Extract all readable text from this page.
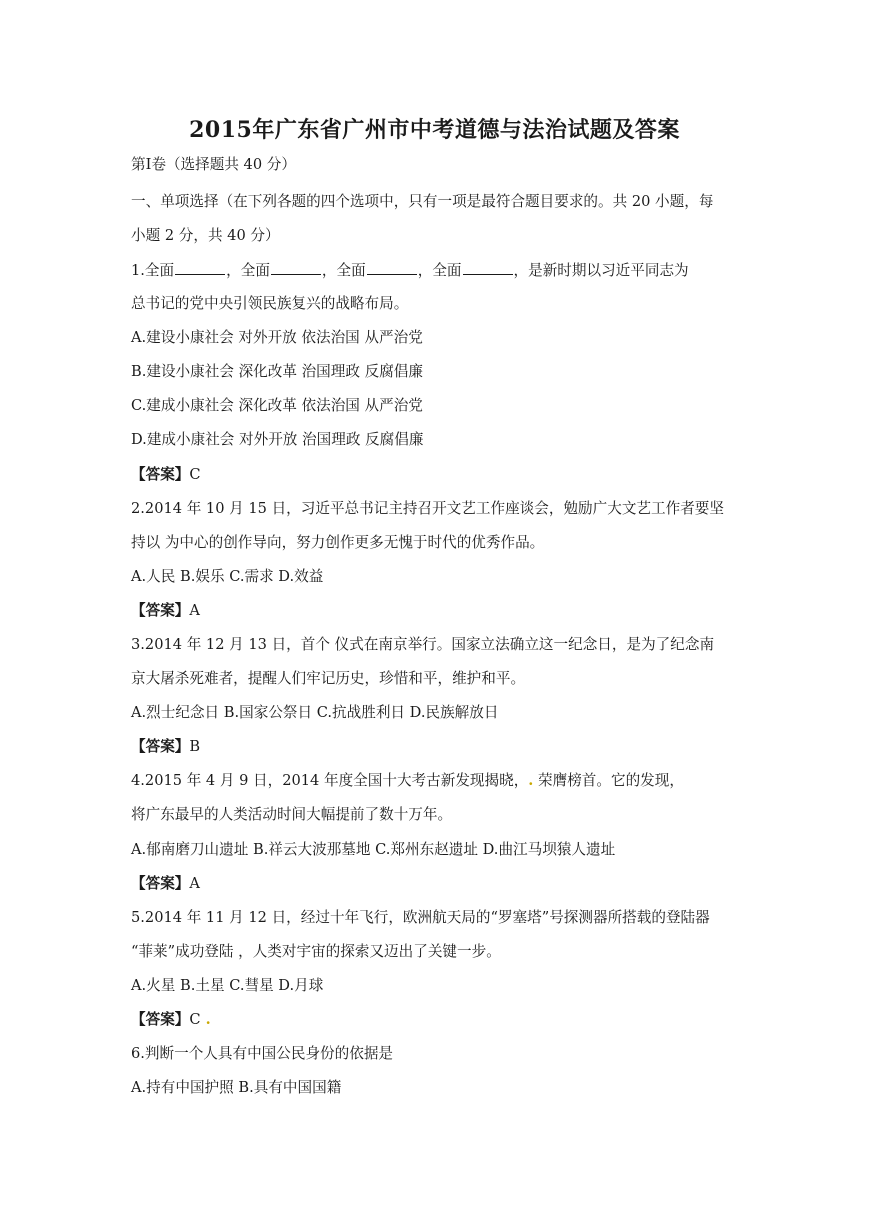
2015年广东省广州市中考道德与法治试题及答案
第Ⅰ卷（选择题共 40 分）
一、单项选择（在下列各题的四个选项中，只有一项是最符合题目要求的。共 20 小题，每
小题 2 分，共 40 分）
1.全面	，全面	，全面	，全面	，是新时期以习近平同志为
总书记的党中央引领民族复兴的战略布局。
A.建设小康社会 对外开放 依法治国 从严治党
B.建设小康社会 深化改革 治国理政 反腐倡廉
C.建成小康社会 深化改革 依法治国 从严治党
D.建成小康社会 对外开放 治国理政 反腐倡廉
【答案】C
2.2014 年 10 月 15 日，习近平总书记主持召开文艺工作座谈会，勉励广大文艺工作者要坚
持以 为中心的创作导向，努力创作更多无愧于时代的优秀作品。
A.人民 B.娱乐 C.需求 D.效益
【答案】A
3.2014 年 12 月 13 日，首个 仪式在南京举行。国家立法确立这一纪念日，是为了纪念南
京大屠杀死难者，提醒人们牢记历史，珍惜和平，维护和平。
A.烈士纪念日 B.国家公祭日 C.抗战胜利日 D.民族解放日
【答案】B
4.2015 年 4 月 9 日，2014 年度全国十大考古新发现揭晓，. 荣膺榜首。它的发现，
将广东最早的人类活动时间大幅提前了数十万年。
A.郁南磨刀山遗址 B.祥云大波那墓地 C.郑州东赵遗址 D.曲江马坝猿人遗址
【答案】A
5.2014 年 11 月 12 日，经过十年飞行，欧洲航天局的“罗塞塔”号探测器所搭载的登陆器
“菲莱”成功登陆 ，人类对宇宙的探索又迈出了关键一步。
A.火星 B.土星 C.彗星 D.月球
【答案】C .
6.判断一个人具有中国公民身份的依据是
A.持有中国护照 B.具有中国国籍
